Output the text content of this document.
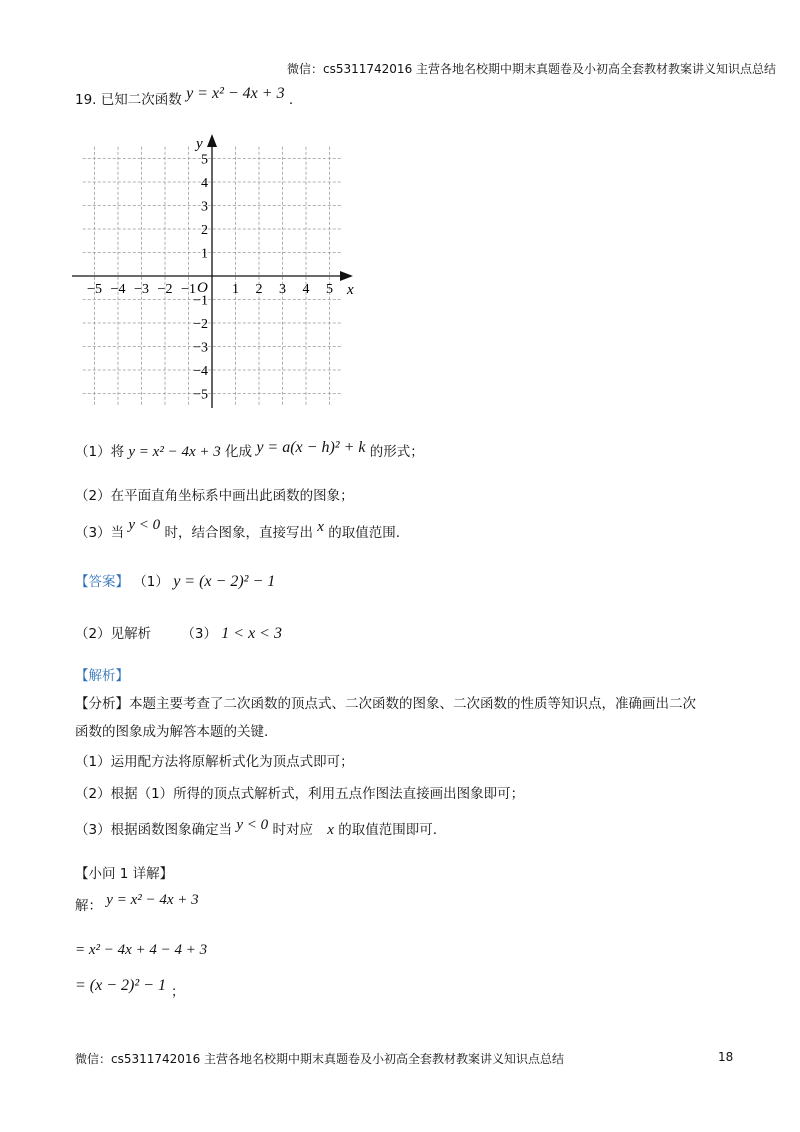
微信：cs5311742016 主营各地名校期中期末真题卷及小初高全套教材教案讲义知识点总结
19. 已知二次函数 y = x² − 4x + 3 .
x
y
O
−5 −4 −3 −2 −1	1 2 3 4 5
5
4
3
2
1
−1
−2
−3
−4
−5
（1）将 y = x² − 4x + 3 化成 y = a(x − h)² + k 的形式；
（2）在平面直角坐标系中画出此函数的图象；
（3）当 y < 0 时，结合图象，直接写出 x 的取值范围.
【答案】 （1） y = (x − 2)² − 1
（2）见解析 （3） 1 < x < 3
【解析】
【分析】本题主要考查了二次函数的顶点式、二次函数的图象、二次函数的性质等知识点，准确画出二次
函数的图象成为解答本题的关键.
（1）运用配方法将原解析式化为顶点式即可；
（2）根据（1）所得的顶点式解析式，利用五点作图法直接画出图象即可；
（3）根据函数图象确定当 y < 0 时对应 x 的取值范围即可.
【小问 1 详解】
解： y = x² − 4x + 3
= x² − 4x + 4 − 4 + 3
= (x − 2)² − 1 $_;$
微信：cs5311742016 主营各地名校期中期末真题卷及小初高全套教材教案讲义知识点总结	18
